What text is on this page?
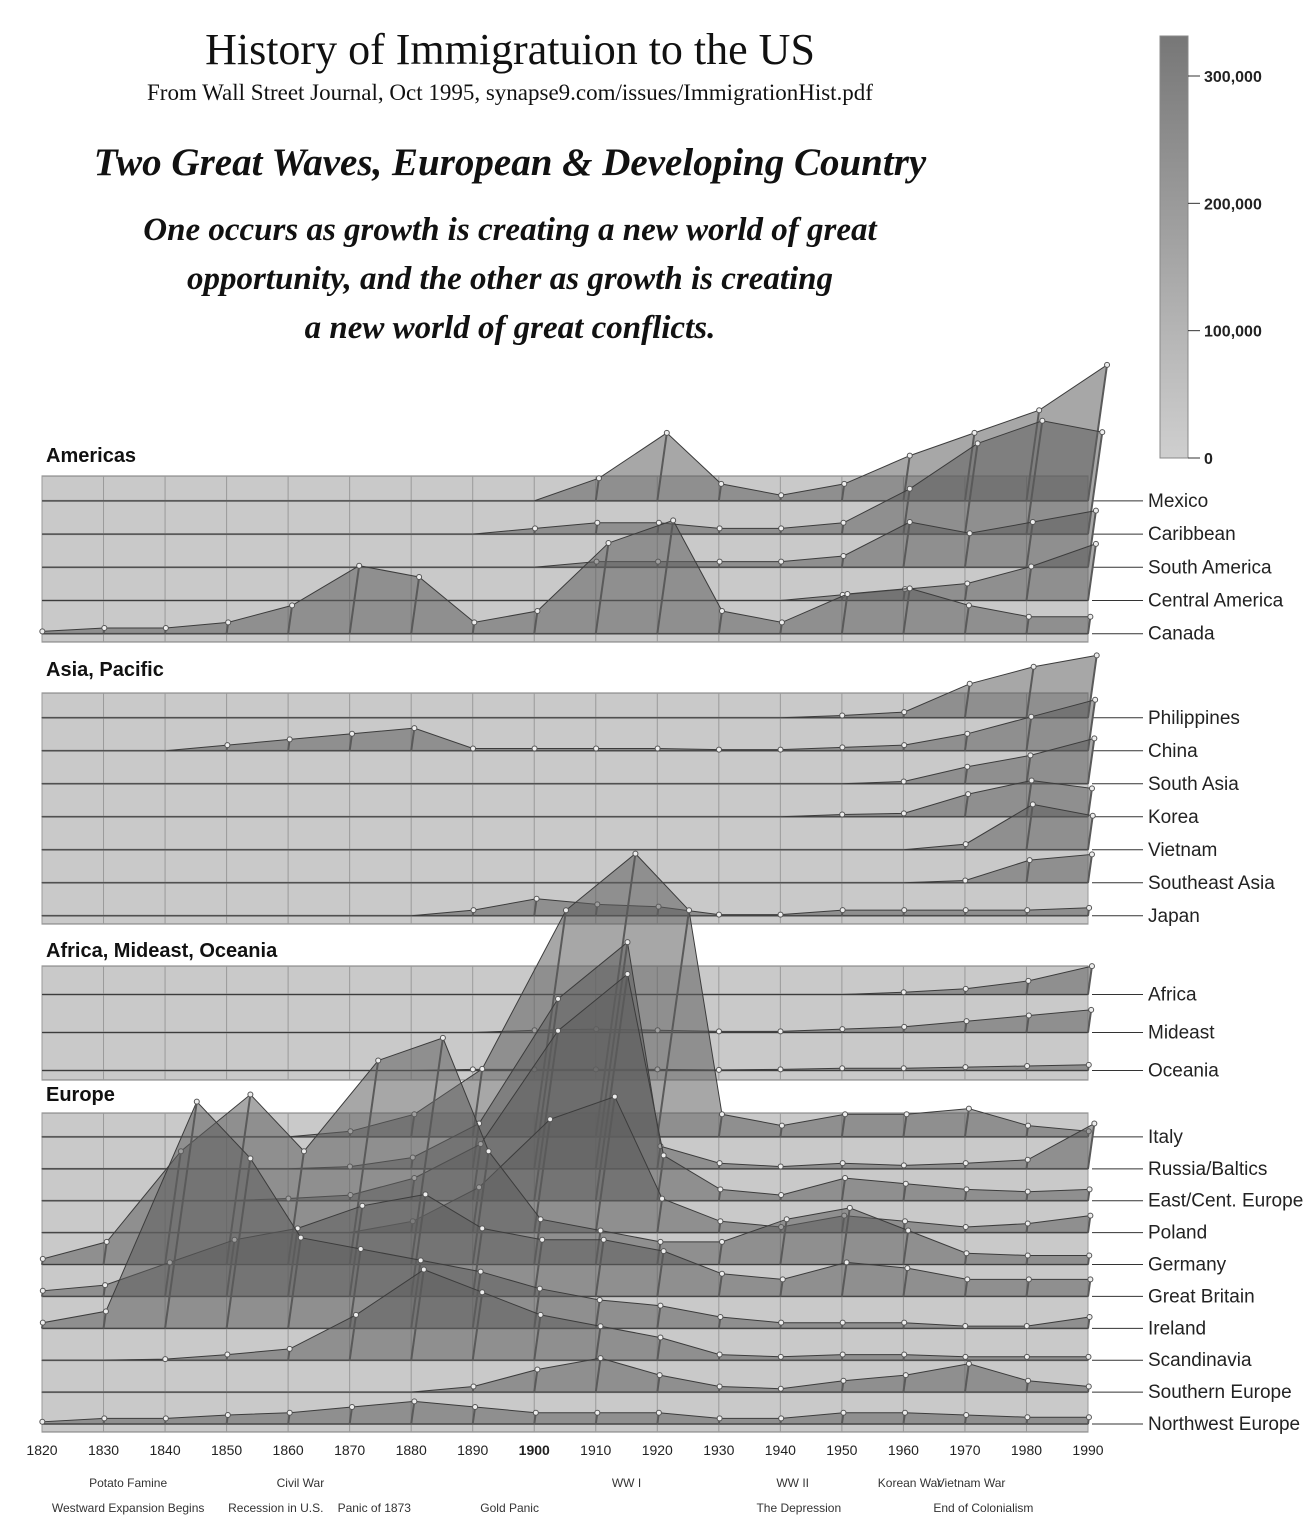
History of Immigratuion to the US
From Wall Street Journal, Oct 1995, synapse9.com/issues/ImmigrationHist.pdf
Two Great Waves, European & Developing Country
One occurs as growth is creating a new world of great
opportunity, and the other as growth is creating
a new world of great conflicts.
Americas
Mexico
Caribbean
South America
Central America
Canada
Asia, Pacific
Philippines
China
South Asia
Korea
Vietnam
Southeast Asia
Japan
Africa, Mideast, Oceania
Africa
Mideast
Oceania
Europe
Italy
Russia/Baltics
East/Cent. Europe
Poland
Germany
Great Britain
Ireland
Scandinavia
Southern Europe
Northwest Europe
1820 1830 1840 1850 1860 1870 1880 1890 1900 1910 1920 1930 1940 1950 1960 1970 1980 1990
Potato Famine	Civil War	WW I	WW II	Korean War
Vietnam War
Westward Expansion Begins Recession in U.S. Panic of 1873	Gold Panic	The Depression	End of Colonialism
0
100,000
200,000
300,000
